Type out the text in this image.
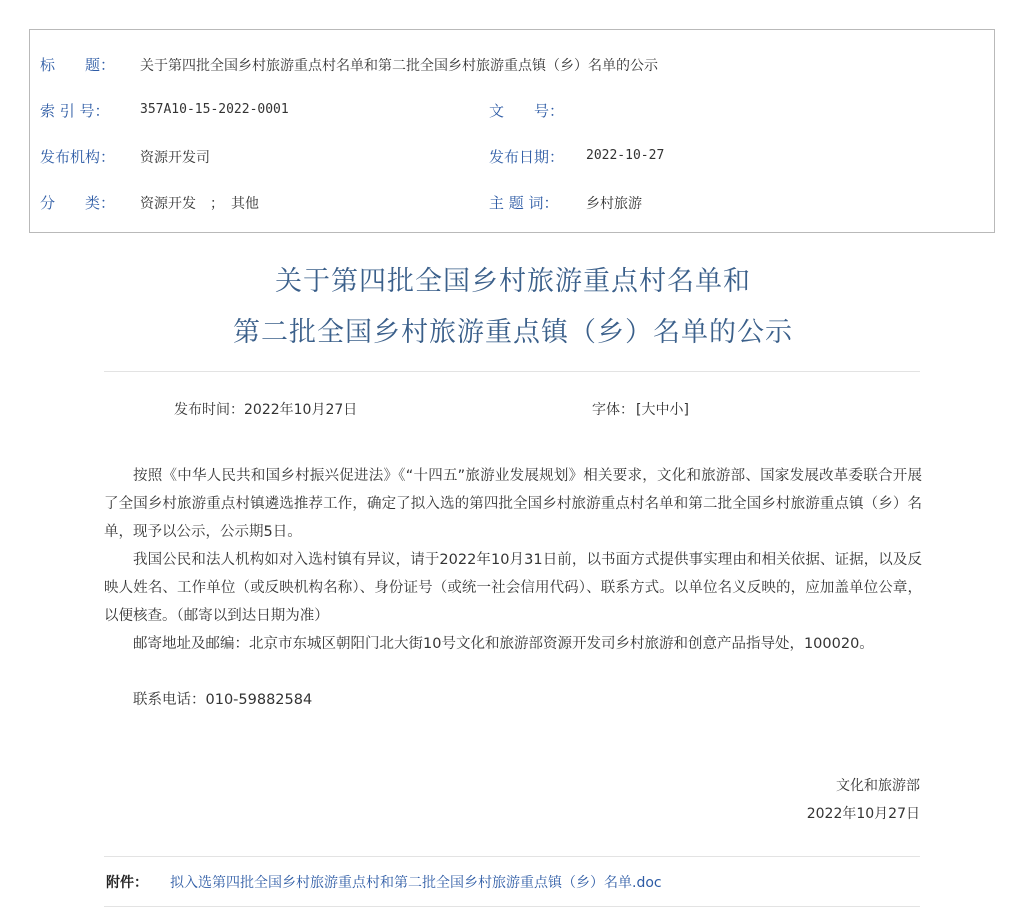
标　　题： 关于第四批全国乡村旅游重点村名单和第二批全国乡村旅游重点镇（乡）名单的公示
索 引 号： 357A10-15-2022-0001	文　　号：
发布机构： 资源开发司	发布日期： 2022-10-27
分　　类： 资源开发　；　其他	主 题 词： 乡村旅游
关于第四批全国乡村旅游重点村名单和
第二批全国乡村旅游重点镇（乡）名单的公示
发布时间：2022年10月27日	字体： [大中小]
按照《中华人民共和国乡村振兴促进法》《“十四五”旅游业发展规划》相关要求，文化和旅游部、国家发展改革委联合开展了全国乡村旅游重点村镇遴选推荐工作，确定了拟入选的第四批全国乡村旅游重点村名单和第二批全国乡村旅游重点镇（乡）名单，现予以公示，公示期5日。
我国公民和法人机构如对入选村镇有异议，请于2022年10月31日前，以书面方式提供事实理由和相关依据、证据，以及反映人姓名、工作单位（或反映机构名称）、身份证号（或统一社会信用代码）、联系方式。以单位名义反映的，应加盖单位公章，以便核查。（邮寄以到达日期为准）
邮寄地址及邮编：北京市东城区朝阳门北大街10号文化和旅游部资源开发司乡村旅游和创意产品指导处，100020。
联系电话：010-59882584
文化和旅游部
2022年10月27日
附件： 拟入选第四批全国乡村旅游重点村和第二批全国乡村旅游重点镇（乡）名单.doc
